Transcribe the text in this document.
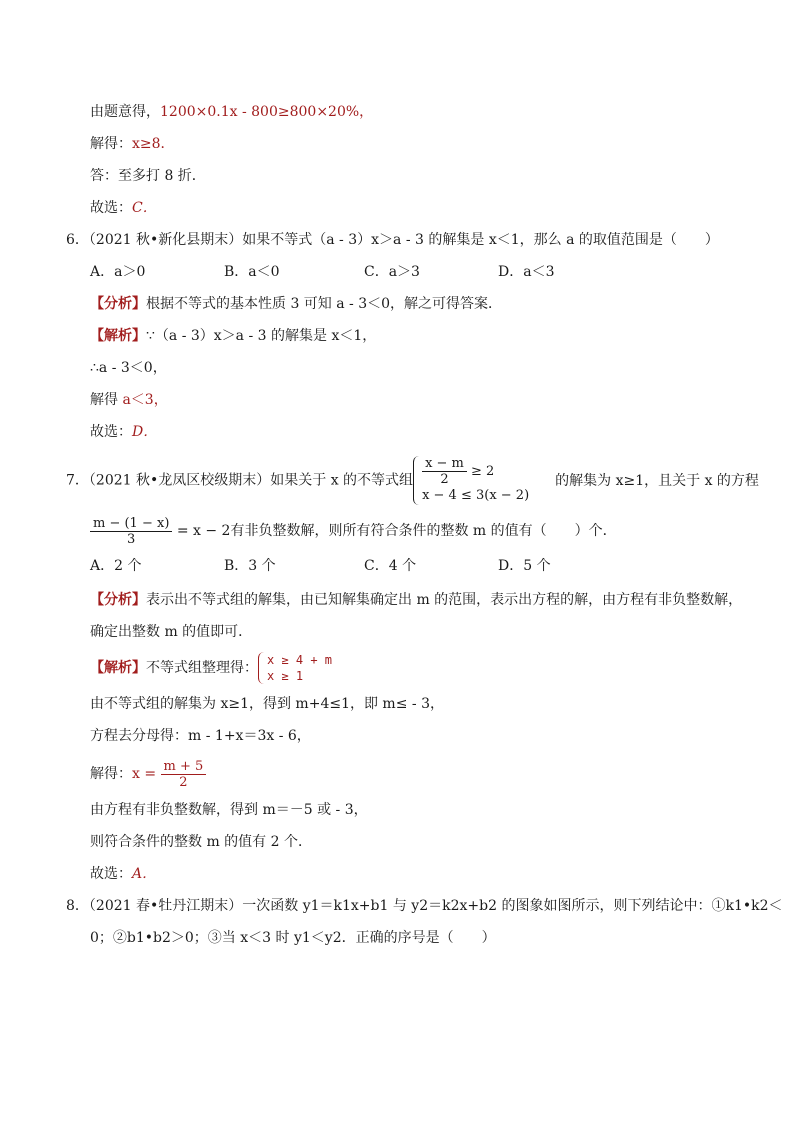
由题意得，1200×0.1x - 800≥800×20%，
解得：x≥8．
答：至多打 8 折．
故选：C．
6．（2021 秋•新化县期末）如果不等式（a - 3）x＞a - 3 的解集是 x＜1，那么 a 的取值范围是（　　）
A．a＞0	B．a＜0	C．a＞3	D．a＜3
【分析】根据不等式的基本性质 3 可知 a - 3＜0，解之可得答案．
【解析】∵（a - 3）x＞a - 3 的解集是 x＜1，
∴a - 3＜0，
解得 a＜3，
故选：D．
7．（2021 秋•龙凤区校级期末）如果关于 x 的不等式组 $\frac{x - m}{2} \ge 2$
x − 4 ≤ 3(x − 2)
的解集为 x≥1，且关于 x 的方程
$\frac{m - (1 - x)}{3} = x - 2$有非负整数解，则所有符合条件的整数 m 的值有（　　）个．
A．2 个	B．3 个	C．4 个	D．5 个
【分析】表示出不等式组的解集，由已知解集确定出 m 的范围，表示出方程的解，由方程有非负整数解，
确定出整数 m 的值即可．
【解析】不等式组整理得： x ≥ 4 + m
x ≥ 1
由不等式组的解集为 x≥1，得到 m+4≤1，即 m≤ - 3，
方程去分母得：m - 1+x＝3x - 6，
解得：$x = \frac{m + 5}{2}$
由方程有非负整数解，得到 m＝－5 或 - 3，
则符合条件的整数 m 的值有 2 个．
故选：A．
8．（2021 春•牡丹江期末）一次函数 y1＝k1x+b1 与 y2＝k2x+b2 的图象如图所示，则下列结论中：①k1•k2＜
0；②b1•b2＞0；③当 x＜3 时 y1＜y2．正确的序号是（　　）
